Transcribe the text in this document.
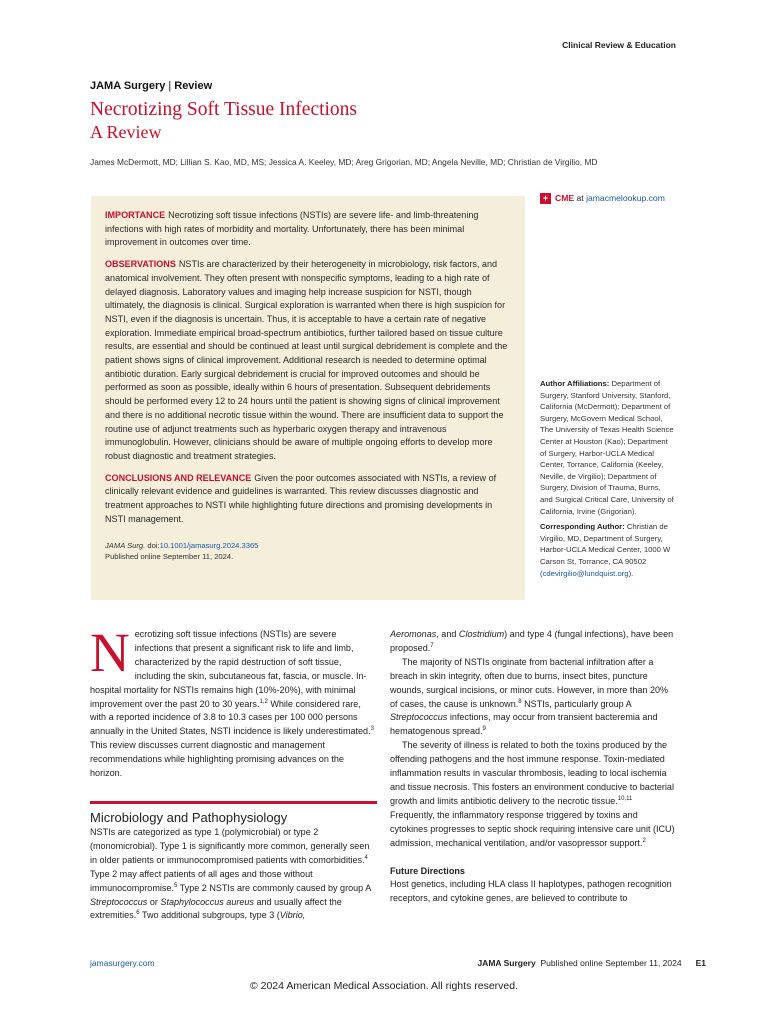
Clinical Review & Education
JAMA Surgery | Review
Necrotizing Soft Tissue Infections
A Review
James McDermott, MD; Lillian S. Kao, MD, MS; Jessica A. Keeley, MD; Areg Grigorian, MD; Angela Neville, MD; Christian de Virgilio, MD

IMPORTANCE Necrotizing soft tissue infections (NSTIs) are severe life- and limb-threatening infections with high rates of morbidity and mortality. Unfortunately, there has been minimal improvement in outcomes over time.

OBSERVATIONS NSTIs are characterized by their heterogeneity in microbiology, risk factors, and anatomical involvement. They often present with nonspecific symptoms, leading to a high rate of delayed diagnosis. Laboratory values and imaging help increase suspicion for NSTI, though ultimately, the diagnosis is clinical. Surgical exploration is warranted when there is high suspicion for NSTI, even if the diagnosis is uncertain. Thus, it is acceptable to have a certain rate of negative exploration. Immediate empirical broad-spectrum antibiotics, further tailored based on tissue culture results, are essential and should be continued at least until surgical debridement is complete and the patient shows signs of clinical improvement. Additional research is needed to determine optimal antibiotic duration. Early surgical debridement is crucial for improved outcomes and should be performed as soon as possible, ideally within 6 hours of presentation. Subsequent debridements should be performed every 12 to 24 hours until the patient is showing signs of clinical improvement and there is no additional necrotic tissue within the wound. There are insufficient data to support the routine use of adjunct treatments such as hyperbaric oxygen therapy and intravenous immunoglobulin. However, clinicians should be aware of multiple ongoing efforts to develop more robust diagnostic and treatment strategies.

CONCLUSIONS AND RELEVANCE Given the poor outcomes associated with NSTIs, a review of clinically relevant evidence and guidelines is warranted. This review discusses diagnostic and treatment approaches to NSTI while highlighting future directions and promising developments in NSTI management.

JAMA Surg. doi:10.1001/jamasurg.2024.3365
Published online September 11, 2024.
+ CME at jamacmelookup.com

Author Affiliations: Department of Surgery, Stanford University, Stanford, California (McDermott); Department of Surgery, McGovern Medical School, The University of Texas Health Science Center at Houston (Kao); Department of Surgery, Harbor-UCLA Medical Center, Torrance, California (Keeley, Neville, de Virgilio); Department of Surgery, Division of Trauma, Burns, and Surgical Critical Care, University of California, Irvine (Grigorian).

Corresponding Author: Christian de Virgilio, MD, Department of Surgery, Harbor-UCLA Medical Center, 1000 W Carson St, Torrance, CA 90502 (cdevirgilio@lundquist.org).

Necrotizing soft tissue infections (NSTIs) are severe infections that present a significant risk to life and limb, characterized by the rapid destruction of soft tissue, including the skin, subcutaneous fat, fascia, or muscle. In-hospital mortality for NSTIs remains high (10%-20%), with minimal improvement over the past 20 to 30 years.$^{1,2}$ While considered rare, with a reported incidence of 3.8 to 10.3 cases per 100 000 persons annually in the United States, NSTI incidence is likely underestimated.$^3$ This review discusses current diagnostic and management recommendations while highlighting promising advances on the horizon.

Microbiology and Pathophysiology

NSTIs are categorized as type 1 (polymicrobial) or type 2 (monomicrobial). Type 1 is significantly more common, generally seen in older patients or immunocompromised patients with comorbidities.$^4$ Type 2 may affect patients of all ages and those without immunocompromise.$^5$ Type 2 NSTIs are commonly caused by group A Streptococcus or Staphylococcus aureus and usually affect the extremities.$^6$ Two additional subgroups, type 3 (Vibrio,

Aeromonas, and Clostridium) and type 4 (fungal infections), have been proposed.$^7$

The majority of NSTIs originate from bacterial infiltration after a breach in skin integrity, often due to burns, insect bites, puncture wounds, surgical incisions, or minor cuts. However, in more than 20% of cases, the cause is unknown.$^8$ NSTIs, particularly group A Streptococcus infections, may occur from transient bacteremia and hematogenous spread.$^9$

The severity of illness is related to both the toxins produced by the offending pathogens and the host immune response. Toxin-mediated inflammation results in vascular thrombosis, leading to local ischemia and tissue necrosis. This fosters an environment conducive to bacterial growth and limits antibiotic delivery to the necrotic tissue.$^{10,11}$ Frequently, the inflammatory response triggered by toxins and cytokines progresses to septic shock requiring intensive care unit (ICU) admission, mechanical ventilation, and/or vasopressor support.$^2$

Future Directions

Host genetics, including HLA class II haplotypes, pathogen recognition receptors, and cytokine genes, are believed to contribute to

jamasurgery.com	JAMA Surgery Published online September 11, 2024 E1
© 2024 American Medical Association. All rights reserved.
